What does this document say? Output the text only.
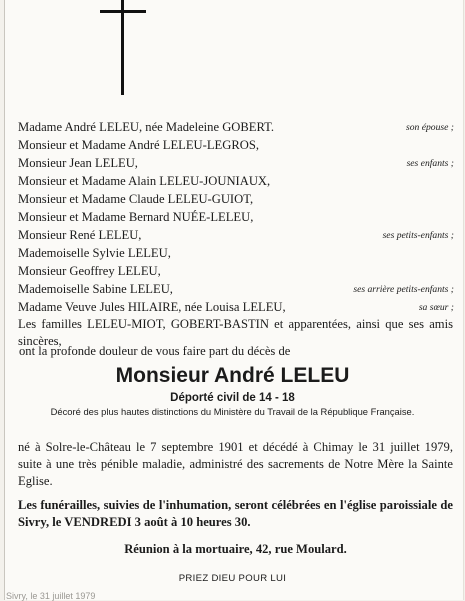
Madame André LELEU, née Madeleine GOBERT.	son épouse ;
Monsieur et Madame André LELEU-LEGROS,
Monsieur Jean LELEU,	ses enfants ;
Monsieur et Madame Alain LELEU-JOUNIAUX,
Monsieur et Madame Claude LELEU-GUIOT,
Monsieur et Madame Bernard NUÉE-LELEU,
Monsieur René LELEU,	ses petits-enfants ;
Mademoiselle Sylvie LELEU,
Monsieur Geoffrey LELEU,
Mademoiselle Sabine LELEU,	ses arrière petits-enfants ;
Madame Veuve Jules HILAIRE, née Louisa LELEU,	sa sœur ;
Les familles LELEU-MIOT, GOBERT-BASTIN et apparentées, ainsi que ses amis sincères,
ont la profonde douleur de vous faire part du décès de
Monsieur André LELEU
Déporté civil de 14 - 18
Décoré des plus hautes distinctions du Ministère du Travail de la République Française.
né à Solre-le-Château le 7 septembre 1901 et décédé à Chimay le 31 juillet 1979, suite à une très pénible maladie, administré des sacrements de Notre Mère la Sainte Eglise.
Les funérailles, suivies de l'inhumation, seront célébrées en l'église paroissiale de Sivry, le VENDREDI 3 août à 10 heures 30.
Réunion à la mortuaire, 42, rue Moulard.
PRIEZ DIEU POUR LUI
Sivry, le 31 juillet 1979
